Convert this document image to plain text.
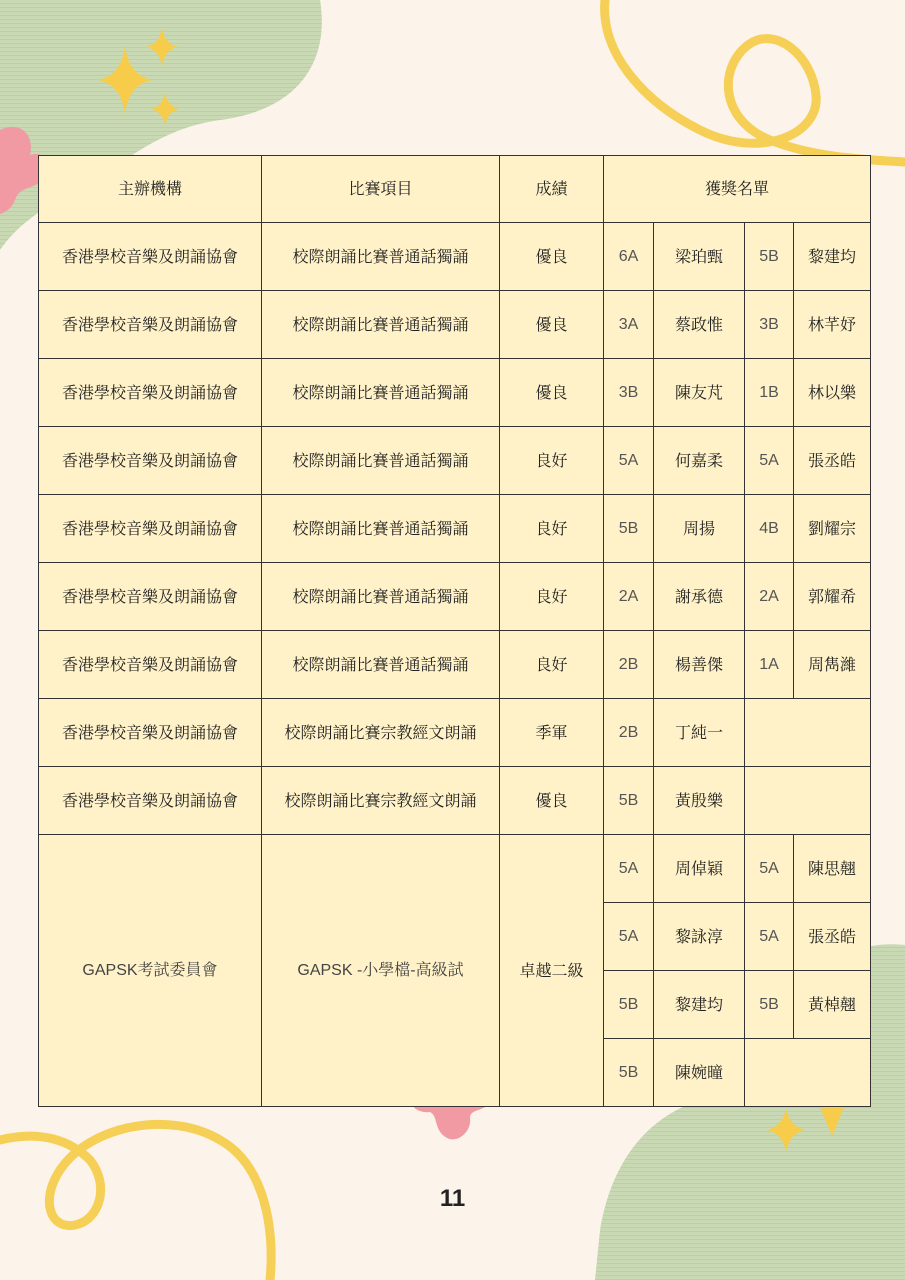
主辦機構	比賽項目	成績	獲獎名單			
香港學校音樂及朗誦協會	校際朗誦比賽普通話獨誦	優良	6A	梁珀甄	5B	黎建均
香港學校音樂及朗誦協會	校際朗誦比賽普通話獨誦	優良	3A	蔡政惟	3B	林芊妤
香港學校音樂及朗誦協會	校際朗誦比賽普通話獨誦	優良	3B	陳友芃	1B	林以樂
香港學校音樂及朗誦協會	校際朗誦比賽普通話獨誦	良好	5A	何嘉柔	5A	張丞皓
香港學校音樂及朗誦協會	校際朗誦比賽普通話獨誦	良好	5B	周揚	4B	劉耀宗
香港學校音樂及朗誦協會	校際朗誦比賽普通話獨誦	良好	2A	謝承德	2A	郭耀希
香港學校音樂及朗誦協會	校際朗誦比賽普通話獨誦	良好	2B	楊善傑	1A	周雋濰
香港學校音樂及朗誦協會	校際朗誦比賽宗教經文朗誦	季軍	2B	丁純一		
香港學校音樂及朗誦協會	校際朗誦比賽宗教經文朗誦	優良	5B	黃殷樂		
GAPSK考試委員會	GAPSK -小學檔-高級試	卓越二級	5A	周倬穎	5A	陳思翹
			5A	黎詠淳	5A	張丞皓
			5B	黎建均	5B	黃棹翹
			5B	陳婉曈		
11
